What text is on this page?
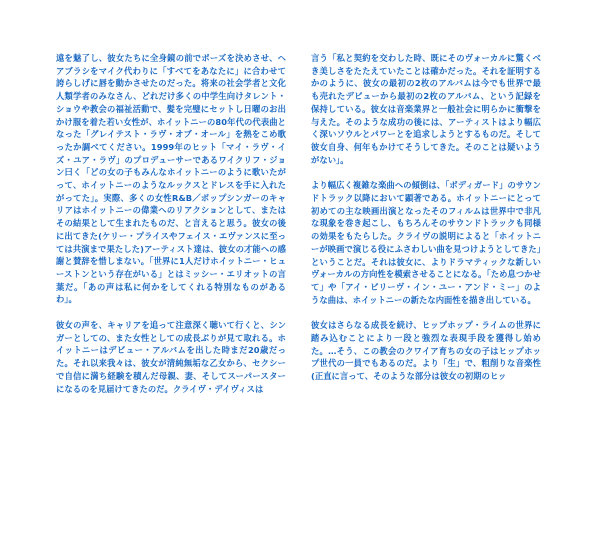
遠を魅了し、彼女たちに全身鏡の前でポーズを決めさせ、ヘアブラシをマイク代わりに「すべてをあなたに」に合わせて誇らしげに唇を動かさせたのだった。将来の社会学者と文化人類学者のみなさん、どれだけ多くの中学生向けタレント・ショウや教会の福祉活動で、髪を完璧にセットし日曜のお出かけ服を着た若い女性が、ホイットニーの80年代の代表曲となった「グレイテスト・ラヴ・オブ・オール」を熱をこめ歌ったか調べてください。1999年のヒット「マイ・ラヴ・イズ・ユア・ラヴ」のプロデューサーであるワイクリフ・ジョン曰く「どの女の子もみんなホイットニーのように歌いたがって、ホイットニーのようなルックスとドレスを手に入れたがってた」。実際、多くの女性R&B／ポップシンガーのキャリアはホイットニーの偉業へのリアクションとして、またはその結果として生まれたものだ、と言えると思う。彼女の後に出てきた(ケリー・プライスやフェイス・エヴァンスに至っては共演まで果たした)アーティスト達は、彼女の才能への感謝と賛辞を惜しまない。「世界に1人だけホイットニー・ヒューストンという存在がいる」とはミッシー・エリオットの言葉だ。「あの声は私に何かをしてくれる特別なものがあるわ」。

彼女の声を、キャリアを追って注意深く聴いて行くと、シンガーとしての、また女性としての成長ぶりが見て取れる。ホイットニーはデビュー・アルバムを出した時まだ20歳だった。それ以来我々は、彼女が清純無垢な乙女から、セクシーで自信に満ち経験を積んだ母親、妻、そしてスーパースターになるのを見届けてきたのだ。クライヴ・デイヴィスは

言う「私と契約を交わした時、既にそのヴォーカルに驚くべき美しさをたたえていたことは確かだった。それを証明するかのように、彼女の最初の2枚のアルバムは今でも世界で最も売れたデビューから最初の2枚のアルバム、という記録を保持している。彼女は音楽業界と一般社会に明らかに衝撃を与えた。そのような成功の後には、アーティストはより幅広く深いソウルとパワーとを追求しようとするものだ。そして彼女自身、何年もかけてそうしてきた。そのことは疑いようがない」。

より幅広く複雑な楽曲への傾倒は、「ボディガード」のサウンドトラック以降において顕著である。ホイットニーにとって初めての主な映画出演となったそのフィルムは世界中で非凡な現象を巻き起こし、もちろんそのサウンドトラックも同様の効果をもたらした。クライヴの説明によると「ホイットニーが映画で演じる役にふさわしい曲を見つけようとしてきた」ということだ。それは彼女に、よりドラマティックな新しいヴォーカルの方向性を模索させることになる。「ため息つかせて」や「アイ・ビリーヴ・イン・ユー・アンド・ミー」のような曲は、ホイットニーの新たな内面性を描き出している。

彼女はさらなる成長を続け、ヒップホップ・ライムの世界に踏み込むことにより一段と強烈な表現手段を獲得し始めた。…そう、この教会のクワイア育ちの女の子はヒップホップ世代の一員でもあるのだ。より「生」で、粗削りな音楽性(正直に言って、そのような部分は彼女の初期のヒッ
